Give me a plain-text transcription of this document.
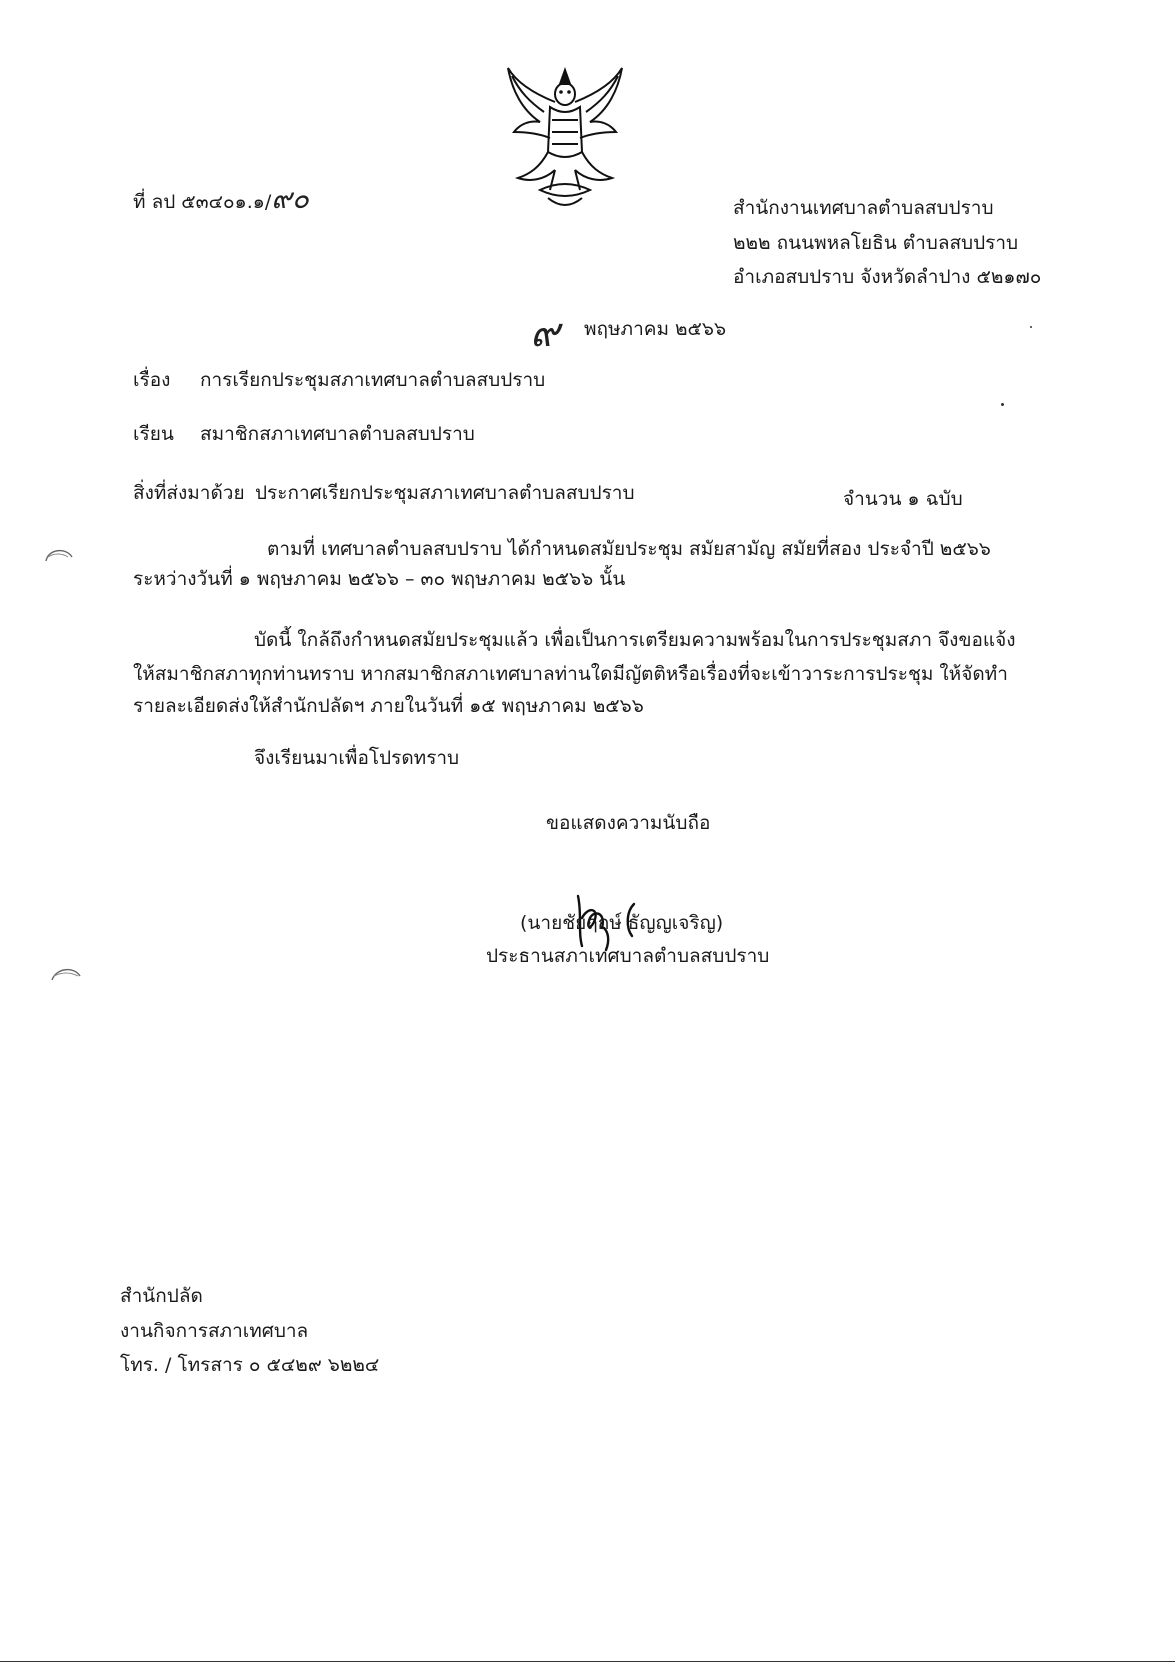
ที่ ลป ๕๓๔๐๑.๑/๙๐	สำนักงานเทศบาลตำบลสบปราบ
๒๒๒ ถนนพหลโยธิน ตำบลสบปราบ
อำเภอสบปราบ จังหวัดลำปาง ๕๒๑๗๐
๙ พฤษภาคม ๒๕๖๖
เรื่อง การเรียกประชุมสภาเทศบาลตำบลสบปราบ
เรียน สมาชิกสภาเทศบาลตำบลสบปราบ
สิ่งที่ส่งมาด้วย ประกาศเรียกประชุมสภาเทศบาลตำบลสบปราบ	จำนวน ๑ ฉบับ
ตามที่ เทศบาลตำบลสบปราบ ได้กำหนดสมัยประชุม สมัยสามัญ สมัยที่สอง ประจำปี ๒๕๖๖
ระหว่างวันที่ ๑ พฤษภาคม ๒๕๖๖ – ๓๐ พฤษภาคม ๒๕๖๖ นั้น
บัดนี้ ใกล้ถึงกำหนดสมัยประชุมแล้ว เพื่อเป็นการเตรียมความพร้อมในการประชุมสภา จึงขอแจ้ง
ให้สมาชิกสภาทุกท่านทราบ หากสมาชิกสภาเทศบาลท่านใดมีญัตติหรือเรื่องที่จะเข้าวาระการประชุม ให้จัดทำ
รายละเอียดส่งให้สำนักปลัดฯ ภายในวันที่ ๑๕ พฤษภาคม ๒๕๖๖
จึงเรียนมาเพื่อโปรดทราบ
ขอแสดงความนับถือ
(นายชัยฤกษ์ ธัญญเจริญ)
ประธานสภาเทศบาลตำบลสบปราบ
สำนักปลัด
งานกิจการสภาเทศบาล
โทร. / โทรสาร ๐ ๕๔๒๙ ๖๒๒๔
